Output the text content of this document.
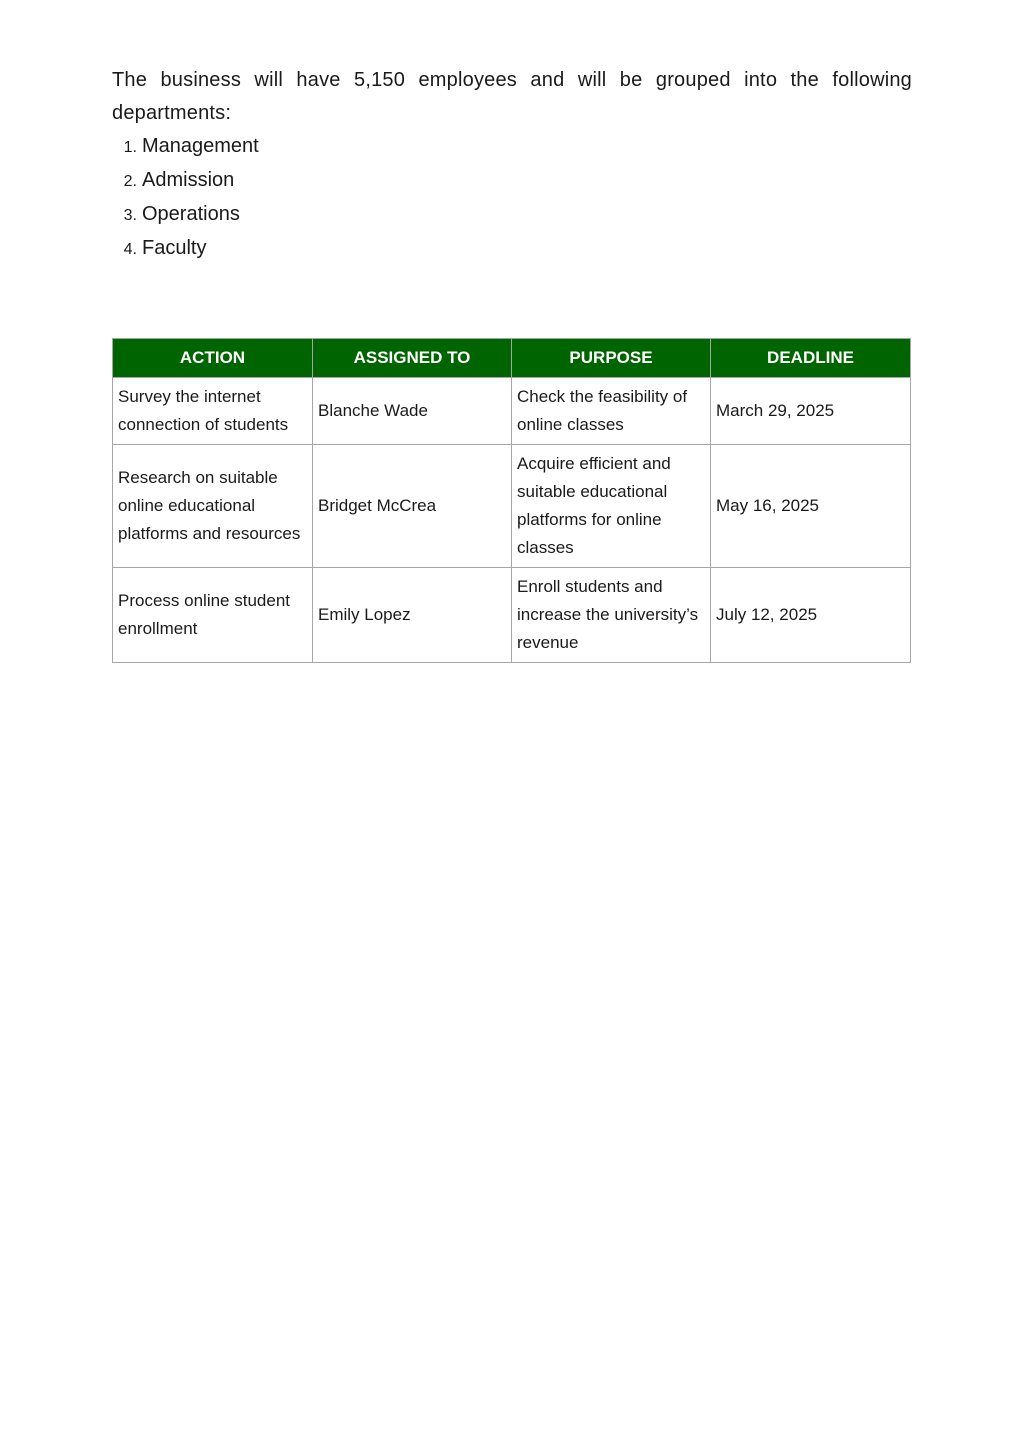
The business will have 5,150 employees and will be grouped into the following departments:

1. Management
2. Admission
3. Operations
4. Faculty
ACTION	ASSIGNED TO	PURPOSE	DEADLINE
Survey the internet connection of students	Blanche Wade	Check the feasibility of online classes	March 29, 2025
Research on suitable online educational platforms and resources	Bridget McCrea	Acquire efficient and suitable educational platforms for online classes	May 16, 2025
Process online student enrollment	Emily Lopez	Enroll students and increase the university’s revenue	July 12, 2025
